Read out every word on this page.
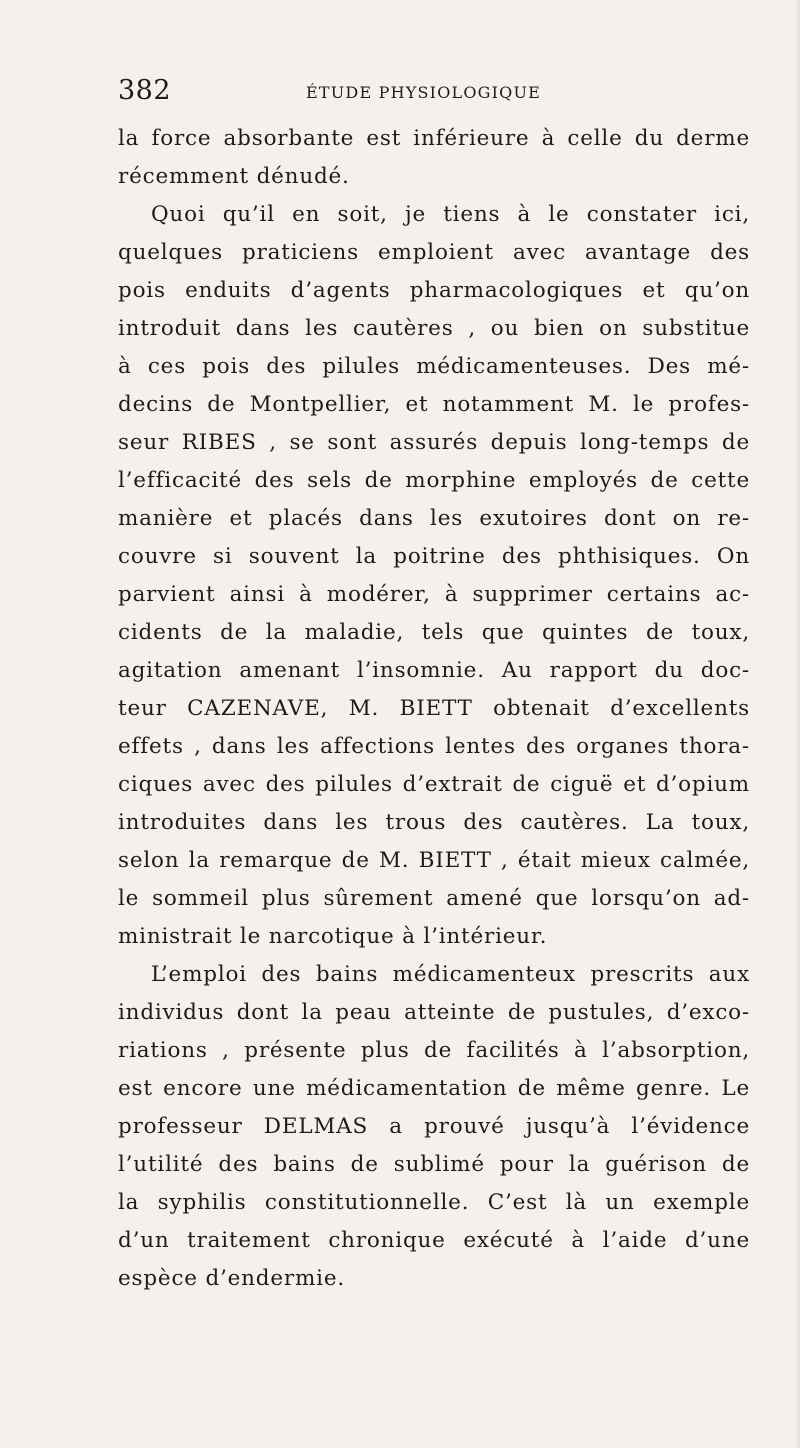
382	ÉTUDE PHYSIOLOGIQUE
la force absorbante est inférieure à celle du derme
récemment dénudé.
Quoi qu’il en soit, je tiens à le constater ici,
quelques praticiens emploient avec avantage des
pois enduits d’agents pharmacologiques et qu’on
introduit dans les cautères , ou bien on substitue
à ces pois des pilules médicamenteuses. Des mé-
decins de Montpellier, et notamment M. le profes-
seur RIBES , se sont assurés depuis long-temps de
l’efficacité des sels de morphine employés de cette
manière et placés dans les exutoires dont on re-
couvre si souvent la poitrine des phthisiques. On
parvient ainsi à modérer, à supprimer certains ac-
cidents de la maladie, tels que quintes de toux,
agitation amenant l’insomnie. Au rapport du doc-
teur CAZENAVE, M. BIETT obtenait d’excellents
effets , dans les affections lentes des organes thora-
ciques avec des pilules d’extrait de ciguë et d’opium
introduites dans les trous des cautères. La toux,
selon la remarque de M. BIETT , était mieux calmée,
le sommeil plus sûrement amené que lorsqu’on ad-
ministrait le narcotique à l’intérieur.
L’emploi des bains médicamenteux prescrits aux
individus dont la peau atteinte de pustules, d’exco-
riations , présente plus de facilités à l’absorption,
est encore une médicamentation de même genre. Le
professeur DELMAS a prouvé jusqu’à l’évidence
l’utilité des bains de sublimé pour la guérison de
la syphilis constitutionnelle. C’est là un exemple
d’un traitement chronique exécuté à l’aide d’une
espèce d’endermie.
